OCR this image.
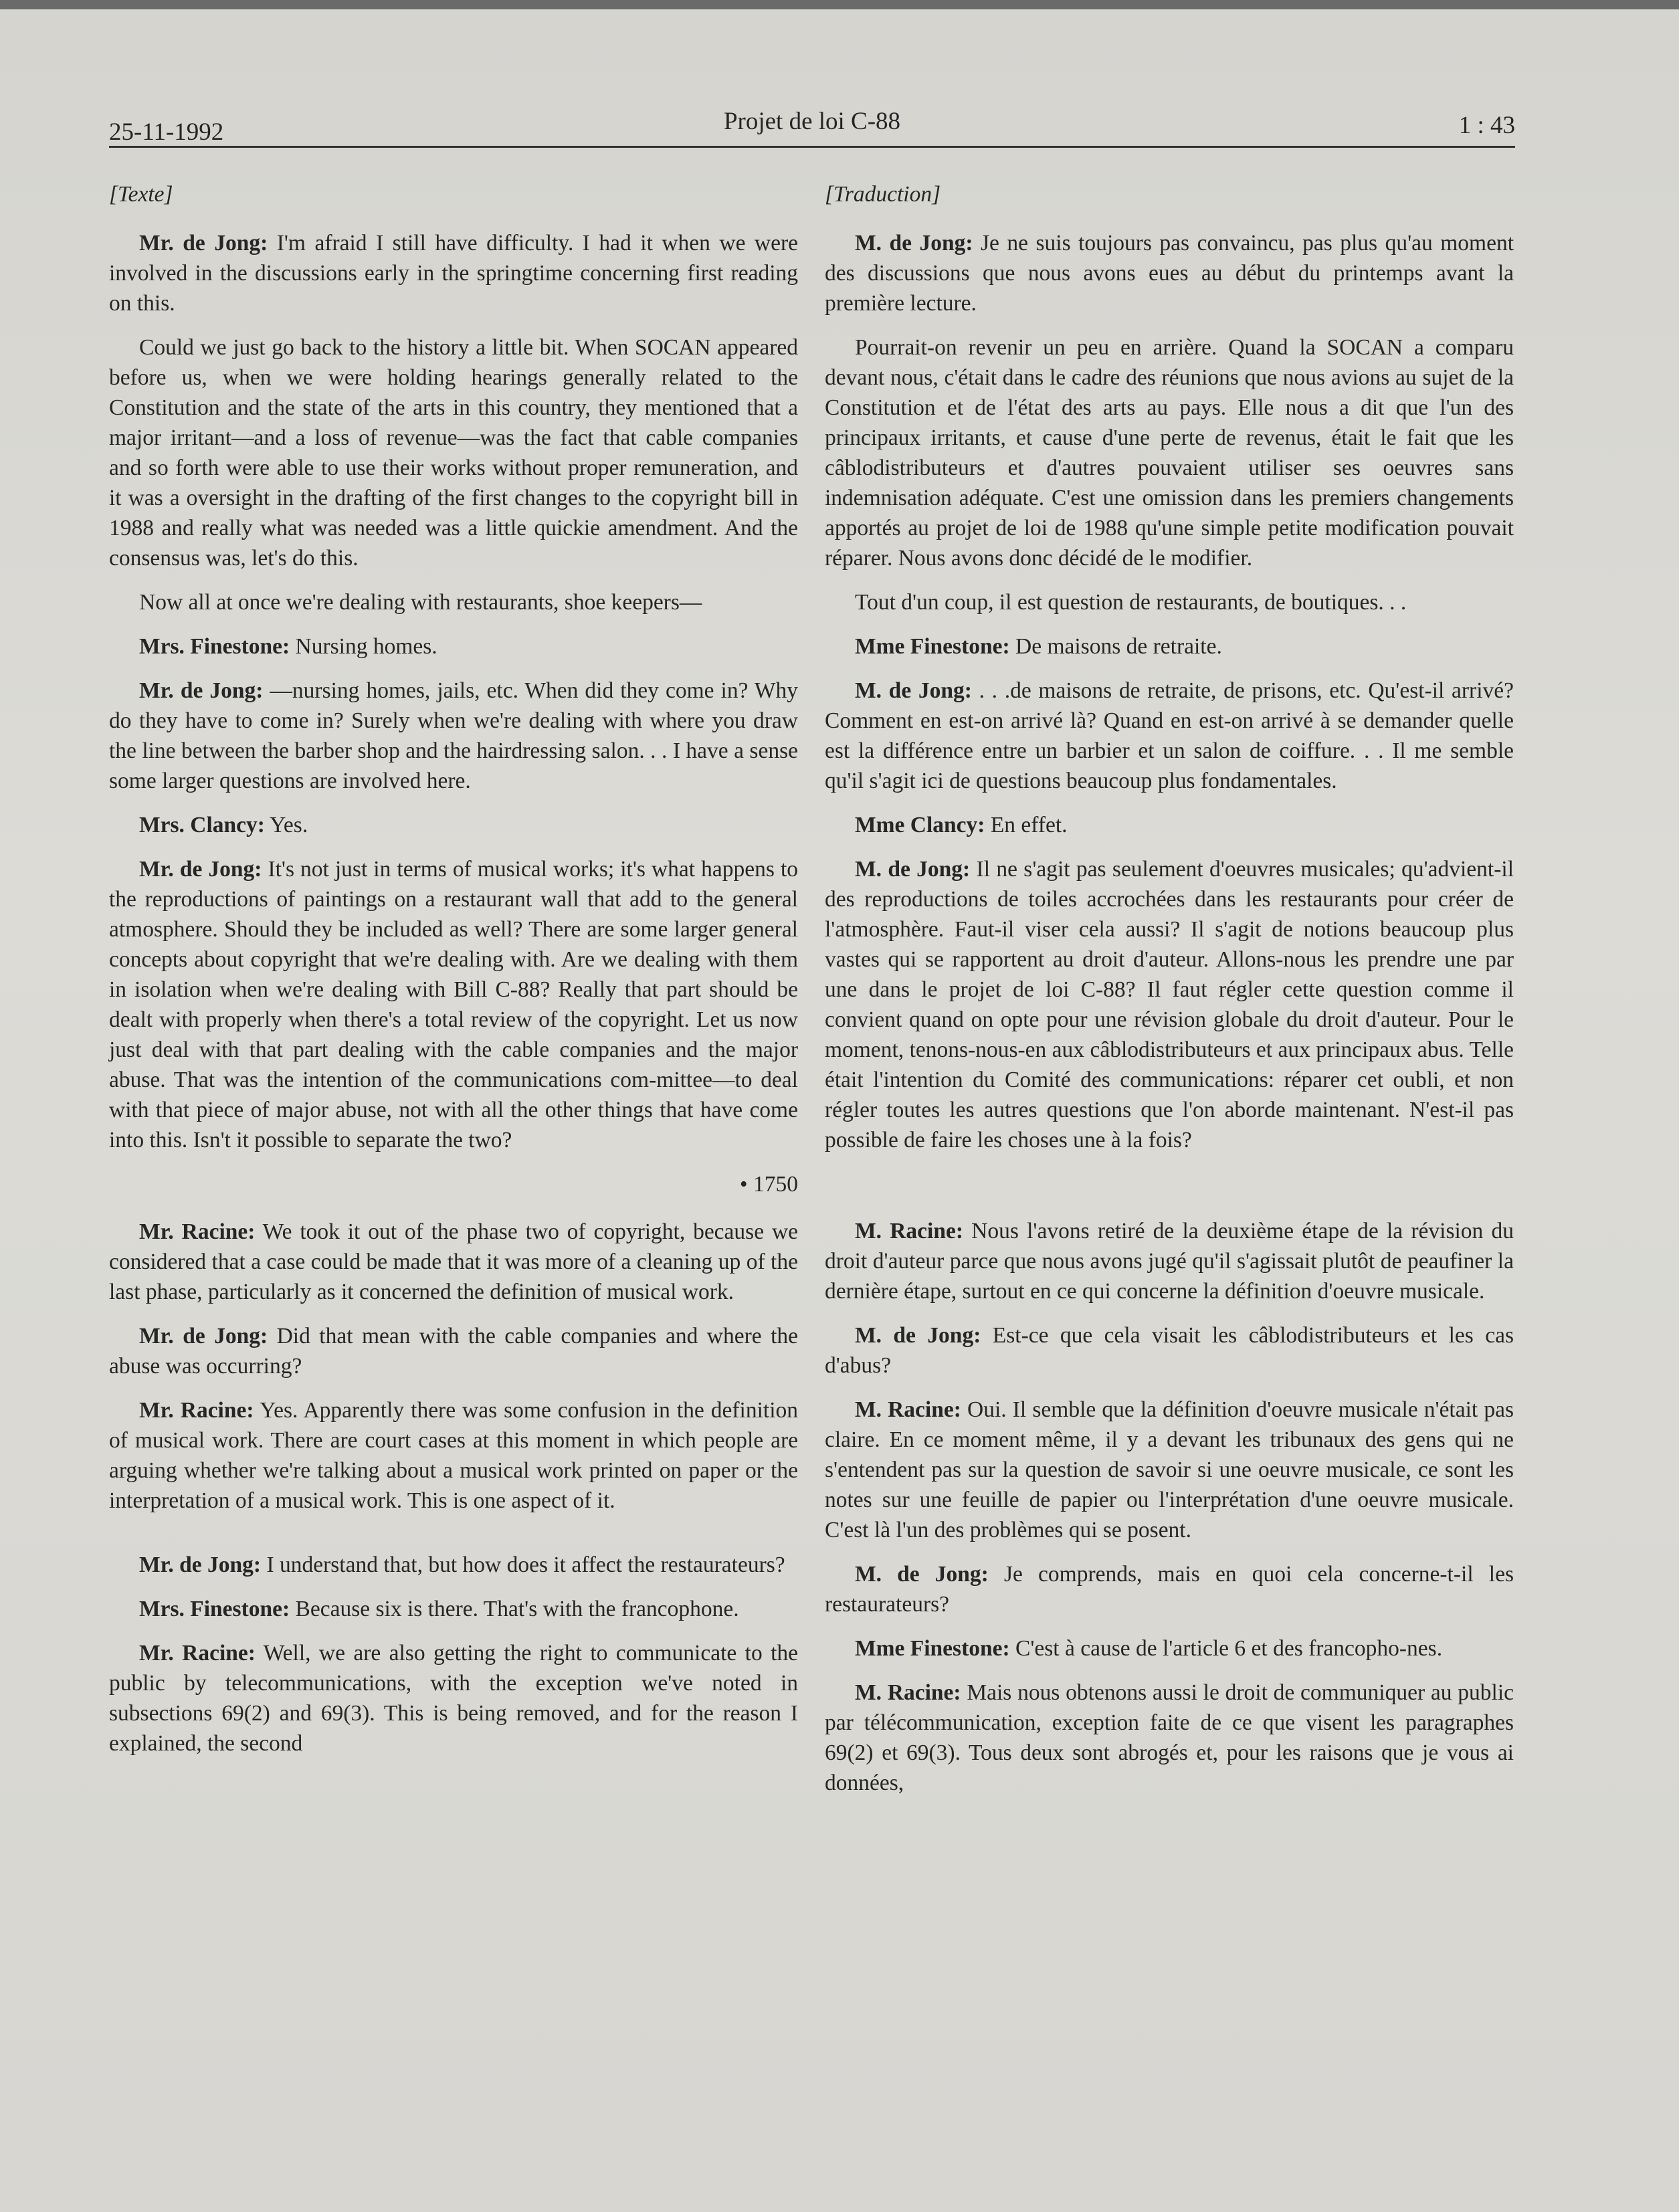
25-11-1992	Projet de loi C-88	1 : 43

[Texte]

Mr. de Jong: I'm afraid I still have difficulty. I had it when we were involved in the discussions early in the springtime concerning first reading on this.

Could we just go back to the history a little bit. When SOCAN appeared before us, when we were holding hearings generally related to the Constitution and the state of the arts in this country, they mentioned that a major irritant—and a loss of revenue—was the fact that cable companies and so forth were able to use their works without proper remuneration, and it was a oversight in the drafting of the first changes to the copyright bill in 1988 and really what was needed was a little quickie amendment. And the consensus was, let's do this.

Now all at once we're dealing with restaurants, shoe keepers—

Mrs. Finestone: Nursing homes.

Mr. de Jong: —nursing homes, jails, etc. When did they come in? Why do they have to come in? Surely when we're dealing with where you draw the line between the barber shop and the hairdressing salon. . . I have a sense some larger questions are involved here.

Mrs. Clancy: Yes.

Mr. de Jong: It's not just in terms of musical works; it's what happens to the reproductions of paintings on a restaurant wall that add to the general atmosphere. Should they be included as well? There are some larger general concepts about copyright that we're dealing with. Are we dealing with them in isolation when we're dealing with Bill C-88? Really that part should be dealt with properly when there's a total review of the copyright. Let us now just deal with that part dealing with the cable companies and the major abuse. That was the intention of the communications com-mittee—to deal with that piece of major abuse, not with all the other things that have come into this. Isn't it possible to separate the two?

• 1750

Mr. Racine: We took it out of the phase two of copyright, because we considered that a case could be made that it was more of a cleaning up of the last phase, particularly as it concerned the definition of musical work.

Mr. de Jong: Did that mean with the cable companies and where the abuse was occurring?

Mr. Racine: Yes. Apparently there was some confusion in the definition of musical work. There are court cases at this moment in which people are arguing whether we're talking about a musical work printed on paper or the interpretation of a musical work. This is one aspect of it.

Mr. de Jong: I understand that, but how does it affect the restaurateurs?

Mrs. Finestone: Because six is there. That's with the francophone.

Mr. Racine: Well, we are also getting the right to communicate to the public by telecommunications, with the exception we've noted in subsections 69(2) and 69(3). This is being removed, and for the reason I explained, the second

[Traduction]

M. de Jong: Je ne suis toujours pas convaincu, pas plus qu'au moment des discussions que nous avons eues au début du printemps avant la première lecture.

Pourrait-on revenir un peu en arrière. Quand la SOCAN a comparu devant nous, c'était dans le cadre des réunions que nous avions au sujet de la Constitution et de l'état des arts au pays. Elle nous a dit que l'un des principaux irritants, et cause d'une perte de revenus, était le fait que les câblodistributeurs et d'autres pouvaient utiliser ses oeuvres sans indemnisation adéquate. C'est une omission dans les premiers changements apportés au projet de loi de 1988 qu'une simple petite modification pouvait réparer. Nous avons donc décidé de le modifier.

Tout d'un coup, il est question de restaurants, de boutiques. . .

Mme Finestone: De maisons de retraite.

M. de Jong: . . .de maisons de retraite, de prisons, etc. Qu'est-il arrivé? Comment en est-on arrivé là? Quand en est-on arrivé à se demander quelle est la différence entre un barbier et un salon de coiffure. . . Il me semble qu'il s'agit ici de questions beaucoup plus fondamentales.

Mme Clancy: En effet.

M. de Jong: Il ne s'agit pas seulement d'oeuvres musicales; qu'advient-il des reproductions de toiles accrochées dans les restaurants pour créer de l'atmosphère. Faut-il viser cela aussi? Il s'agit de notions beaucoup plus vastes qui se rapportent au droit d'auteur. Allons-nous les prendre une par une dans le projet de loi C-88? Il faut régler cette question comme il convient quand on opte pour une révision globale du droit d'auteur. Pour le moment, tenons-nous-en aux câblodistributeurs et aux principaux abus. Telle était l'intention du Comité des communications: réparer cet oubli, et non régler toutes les autres questions que l'on aborde maintenant. N'est-il pas possible de faire les choses une à la fois?

M. Racine: Nous l'avons retiré de la deuxième étape de la révision du droit d'auteur parce que nous avons jugé qu'il s'agissait plutôt de peaufiner la dernière étape, surtout en ce qui concerne la définition d'oeuvre musicale.

M. de Jong: Est-ce que cela visait les câblodistributeurs et les cas d'abus?

M. Racine: Oui. Il semble que la définition d'oeuvre musicale n'était pas claire. En ce moment même, il y a devant les tribunaux des gens qui ne s'entendent pas sur la question de savoir si une oeuvre musicale, ce sont les notes sur une feuille de papier ou l'interprétation d'une oeuvre musicale. C'est là l'un des problèmes qui se posent.

M. de Jong: Je comprends, mais en quoi cela concerne-t-il les restaurateurs?

Mme Finestone: C'est à cause de l'article 6 et des francopho-nes.

M. Racine: Mais nous obtenons aussi le droit de communiquer au public par télécommunication, exception faite de ce que visent les paragraphes 69(2) et 69(3). Tous deux sont abrogés et, pour les raisons que je vous ai données,
